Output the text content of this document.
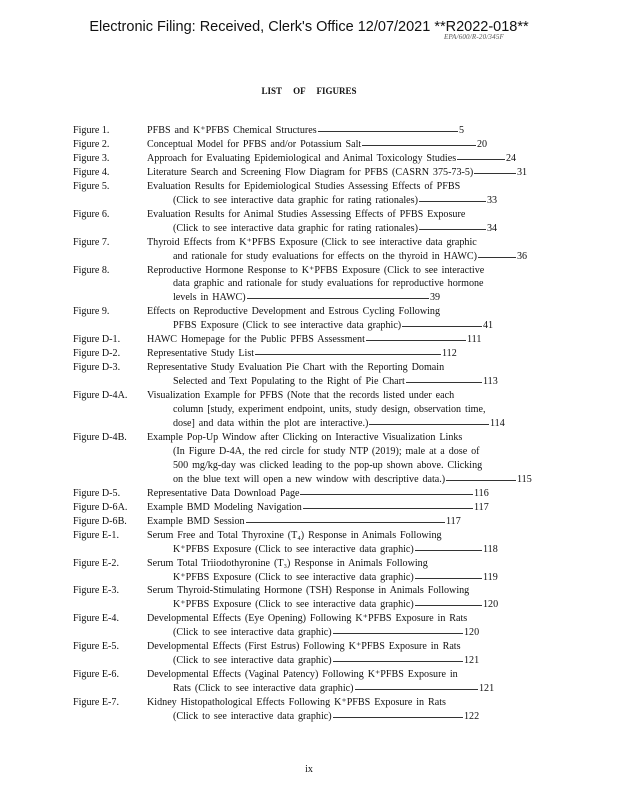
Electronic Filing: Received, Clerk's Office 12/07/2021 **R2022-018**
EPA/600/R-20/345F
LIST OF FIGURES
Figure 1.	PFBS and K⁺PFBS Chemical Structures	5
Figure 2.	Conceptual Model for PFBS and/or Potassium Salt	20
Figure 3.	Approach for Evaluating Epidemiological and Animal Toxicology Studies	24
Figure 4.	Literature Search and Screening Flow Diagram for PFBS (CASRN 375-73-5)	31
Figure 5.	Evaluation Results for Epidemiological Studies Assessing Effects of PFBS
(Click to see interactive data graphic for rating rationales)	33
Figure 6.	Evaluation Results for Animal Studies Assessing Effects of PFBS Exposure
(Click to see interactive data graphic for rating rationales)	34
Figure 7.	Thyroid Effects from K⁺PFBS Exposure (Click to see interactive data graphic
and rationale for study evaluations for effects on the thyroid in HAWC)	36
Figure 8.	Reproductive Hormone Response to K⁺PFBS Exposure (Click to see interactive
data graphic and rationale for study evaluations for reproductive hormone
levels in HAWC)	39
Figure 9.	Effects on Reproductive Development and Estrous Cycling Following
PFBS Exposure (Click to see interactive data graphic)	41
Figure D-1.	HAWC Homepage for the Public PFBS Assessment	111
Figure D-2.	Representative Study List	112
Figure D-3.	Representative Study Evaluation Pie Chart with the Reporting Domain
Selected and Text Populating to the Right of Pie Chart	113
Figure D-4A.	Visualization Example for PFBS (Note that the records listed under each
column [study, experiment endpoint, units, study design, observation time,
dose] and data within the plot are interactive.)	114
Figure D-4B.	Example Pop-Up Window after Clicking on Interactive Visualization Links
(In Figure D-4A, the red circle for study NTP (2019); male at a dose of
500 mg/kg-day was clicked leading to the pop-up shown above. Clicking
on the blue text will open a new window with descriptive data.)	115
Figure D-5.	Representative Data Download Page	116
Figure D-6A.	Example BMD Modeling Navigation	117
Figure D-6B.	Example BMD Session	117
Figure E-1.	Serum Free and Total Thyroxine (T₄) Response in Animals Following
K⁺PFBS Exposure (Click to see interactive data graphic)	118
Figure E-2.	Serum Total Triiodothyronine (T₃) Response in Animals Following
K⁺PFBS Exposure (Click to see interactive data graphic)	119
Figure E-3.	Serum Thyroid-Stimulating Hormone (TSH) Response in Animals Following
K⁺PFBS Exposure (Click to see interactive data graphic)	120
Figure E-4.	Developmental Effects (Eye Opening) Following K⁺PFBS Exposure in Rats
(Click to see interactive data graphic)	120
Figure E-5.	Developmental Effects (First Estrus) Following K⁺PFBS Exposure in Rats
(Click to see interactive data graphic)	121
Figure E-6.	Developmental Effects (Vaginal Patency) Following K⁺PFBS Exposure in
Rats (Click to see interactive data graphic)	121
Figure E-7.	Kidney Histopathological Effects Following K⁺PFBS Exposure in Rats
(Click to see interactive data graphic)	122
ix
